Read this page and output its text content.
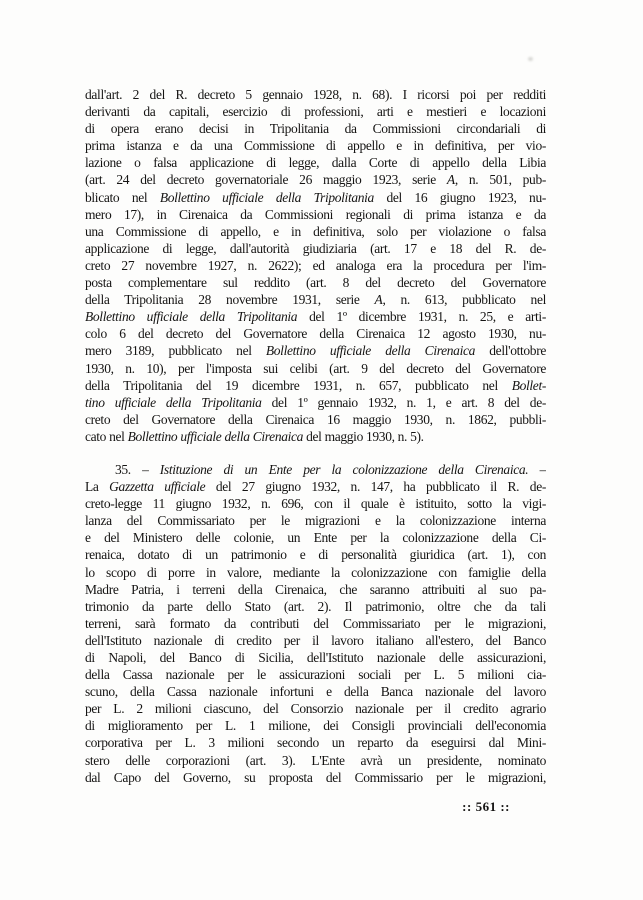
dall'art. 2 del R. decreto 5 gennaio 1928, n. 68). I ricorsi poi per redditi
derivanti da capitali, esercizio di professioni, arti e mestieri e locazioni
di opera erano decisi in Tripolitania da Commissioni circondariali di
prima istanza e da una Commissione di appello e in definitiva, per vio-
lazione o falsa applicazione di legge, dalla Corte di appello della Libia
(art. 24 del decreto governatoriale 26 maggio 1923, serie A, n. 501, pub-
blicato nel Bollettino ufficiale della Tripolitania del 16 giugno 1923, nu-
mero 17), in Cirenaica da Commissioni regionali di prima istanza e da
una Commissione di appello, e in definitiva, solo per violazione o falsa
applicazione di legge, dall'autorità giudiziaria (art. 17 e 18 del R. de-
creto 27 novembre 1927, n. 2622); ed analoga era la procedura per l'im-
posta complementare sul reddito (art. 8 del decreto del Governatore
della Tripolitania 28 novembre 1931, serie A, n. 613, pubblicato nel
Bollettino ufficiale della Tripolitania del 1º dicembre 1931, n. 25, e arti-
colo 6 del decreto del Governatore della Cirenaica 12 agosto 1930, nu-
mero 3189, pubblicato nel Bollettino ufficiale della Cirenaica dell'ottobre
1930, n. 10), per l'imposta sui celibi (art. 9 del decreto del Governatore
della Tripolitania del 19 dicembre 1931, n. 657, pubblicato nel Bollet-
tino ufficiale della Tripolitania del 1º gennaio 1932, n. 1, e art. 8 del de-
creto del Governatore della Cirenaica 16 maggio 1930, n. 1862, pubbli-
cato nel Bollettino ufficiale della Cirenaica del maggio 1930, n. 5).
35. – Istituzione di un Ente per la colonizzazione della Cirenaica. –
La Gazzetta ufficiale del 27 giugno 1932, n. 147, ha pubblicato il R. de-
creto-legge 11 giugno 1932, n. 696, con il quale è istituito, sotto la vigi-
lanza del Commissariato per le migrazioni e la colonizzazione interna
e del Ministero delle colonie, un Ente per la colonizzazione della Ci-
renaica, dotato di un patrimonio e di personalità giuridica (art. 1), con
lo scopo di porre in valore, mediante la colonizzazione con famiglie della
Madre Patria, i terreni della Cirenaica, che saranno attribuiti al suo pa-
trimonio da parte dello Stato (art. 2). Il patrimonio, oltre che da tali
terreni, sarà formato da contributi del Commissariato per le migrazioni,
dell'Istituto nazionale di credito per il lavoro italiano all'estero, del Banco
di Napoli, del Banco di Sicilia, dell'Istituto nazionale delle assicurazioni,
della Cassa nazionale per le assicurazioni sociali per L. 5 milioni cia-
scuno, della Cassa nazionale infortuni e della Banca nazionale del lavoro
per L. 2 milioni ciascuno, del Consorzio nazionale per il credito agrario
di miglioramento per L. 1 milione, dei Consigli provinciali dell'economia
corporativa per L. 3 milioni secondo un reparto da eseguirsi dal Mini-
stero delle corporazioni (art. 3). L'Ente avrà un presidente, nominato
dal Capo del Governo, su proposta del Commissario per le migrazioni,
:: 561 ::
